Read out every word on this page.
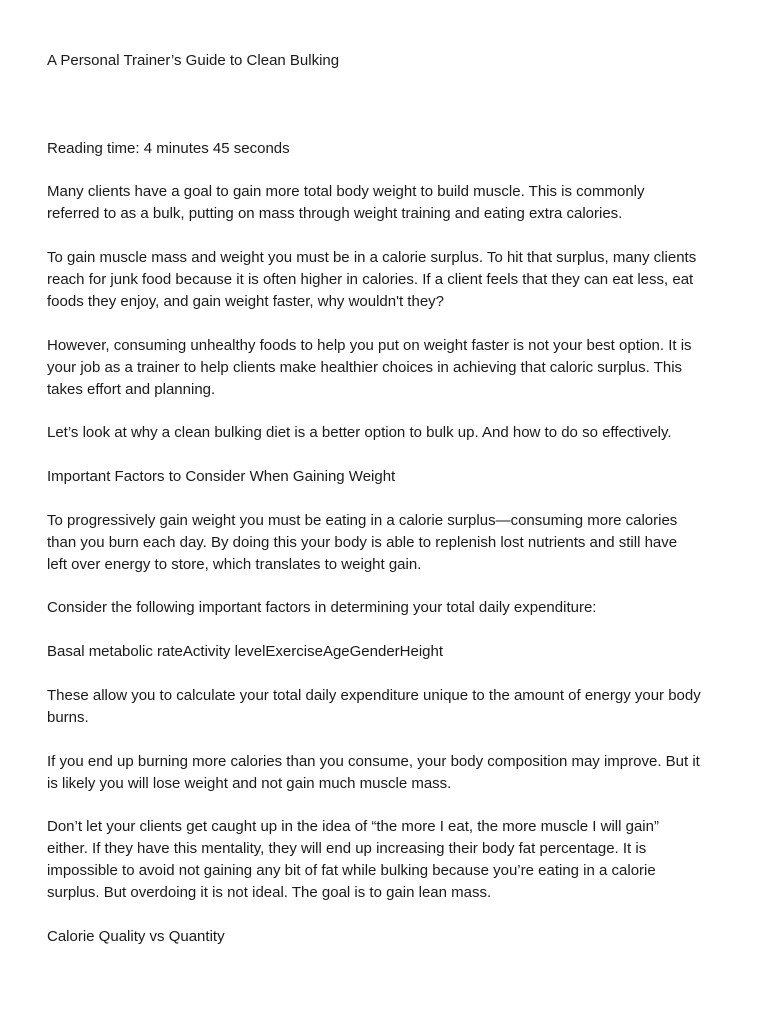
A Personal Trainer’s Guide to Clean Bulking

Reading time: 4 minutes 45 seconds

Many clients have a goal to gain more total body weight to build muscle. This is commonly
referred to as a bulk, putting on mass through weight training and eating extra calories.

To gain muscle mass and weight you must be in a calorie surplus. To hit that surplus, many clients
reach for junk food because it is often higher in calories. If a client feels that they can eat less, eat
foods they enjoy, and gain weight faster, why wouldn't they?

However, consuming unhealthy foods to help you put on weight faster is not your best option. It is
your job as a trainer to help clients make healthier choices in achieving that caloric surplus. This
takes effort and planning.

Let’s look at why a clean bulking diet is a better option to bulk up. And how to do so effectively.

Important Factors to Consider When Gaining Weight

To progressively gain weight you must be eating in a calorie surplus—consuming more calories
than you burn each day. By doing this your body is able to replenish lost nutrients and still have
left over energy to store, which translates to weight gain.

Consider the following important factors in determining your total daily expenditure:

Basal metabolic rateActivity levelExerciseAgeGenderHeight

These allow you to calculate your total daily expenditure unique to the amount of energy your body
burns.

If you end up burning more calories than you consume, your body composition may improve. But it
is likely you will lose weight and not gain much muscle mass.

Don’t let your clients get caught up in the idea of “the more I eat, the more muscle I will gain”
either. If they have this mentality, they will end up increasing their body fat percentage. It is
impossible to avoid not gaining any bit of fat while bulking because you’re eating in a calorie
surplus. But overdoing it is not ideal. The goal is to gain lean mass.

Calorie Quality vs Quantity
